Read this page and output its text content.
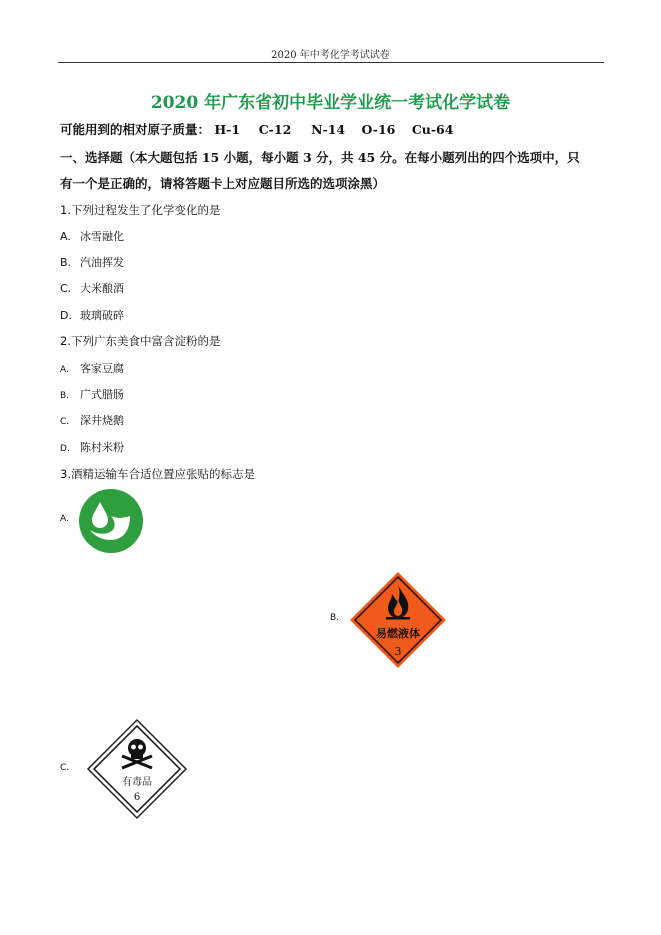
2020 年中考化学考试试卷
2020 年广东省初中毕业学业统一考试化学试卷
可能用到的相对原子质量： H-1 C-12 N-14 O-16 Cu-64
一、选择题（本大题包括 15 小题，每小题 3 分，共 45 分。在每小题列出的四个选项中，只
有一个是正确的，请将答题卡上对应题目所选的选项涂黑）
1.下列过程发生了化学变化的是
A. 冰雪融化
B. 汽油挥发
C. 大米酿酒
D. 玻璃破碎
2.下列广东美食中富含淀粉的是
A. 客家豆腐
B. 广式腊肠
C. 深井烧鹅
D. 陈村米粉
3.酒精运输车合适位置应张贴的标志是
A.
B.
易燃液体
3
C.
有毒品
6
